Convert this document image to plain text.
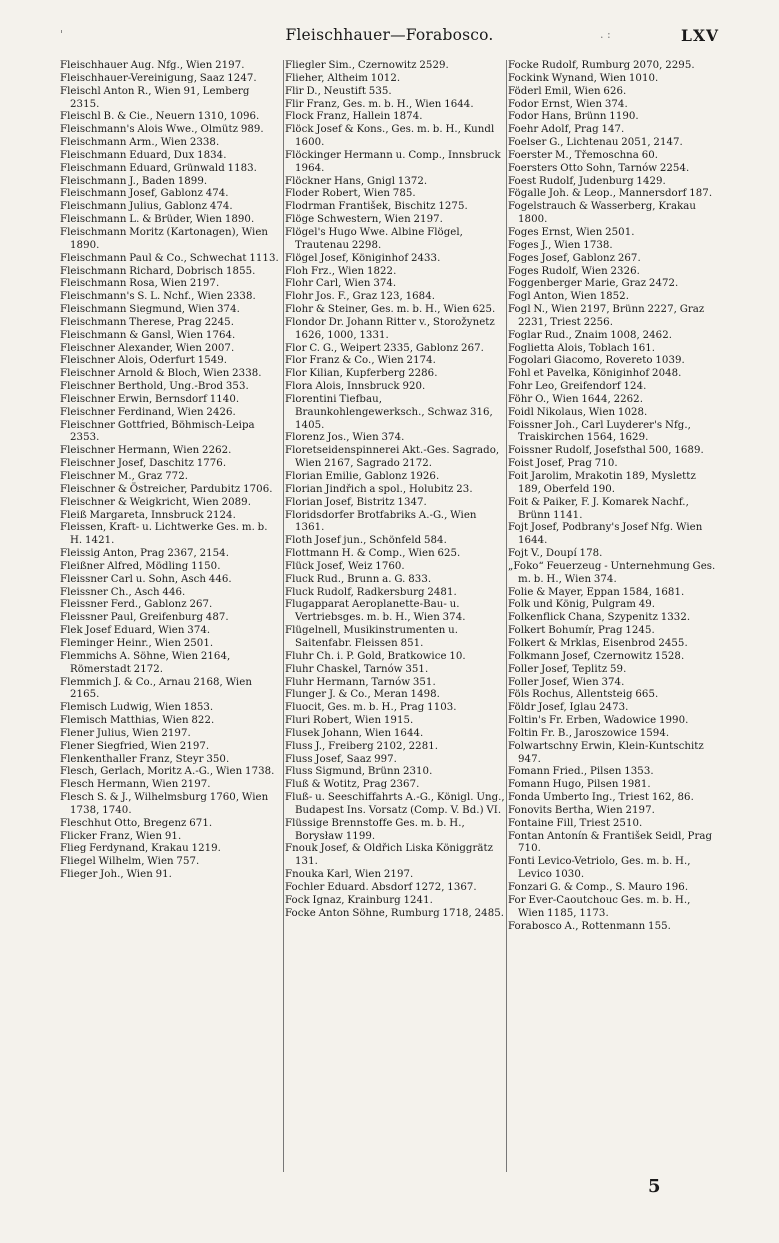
'	Fleischhauer—Forabosco.	. :	LXV
Fleischhauer Aug. Nfg., Wien 2197.
Fleischhauer-Vereinigung, Saaz 1247.
Fleischl Anton R., Wien 91, Lemberg 2315.
Fleischl B. & Cie., Neuern 1310, 1096.
Fleischmann's Alois Wwe., Olmütz 989.
Fleischmann Arm., Wien 2338.
Fleischmann Eduard, Dux 1834.
Fleischmann Eduard, Grünwald 1183.
Fleischmann J., Baden 1899.
Fleischmann Josef, Gablonz 474.
Fleischmann Julius, Gablonz 474.
Fleischmann L. & Brüder, Wien 1890.
Fleischmann Moritz (Kartonagen), Wien 1890.
Fleischmann Paul & Co., Schwechat 1113.
Fleischmann Richard, Dobrisch 1855.
Fleischmann Rosa, Wien 2197.
Fleischmann's S. L. Nchf., Wien 2338.
Fleischmann Siegmund, Wien 374.
Fleischmann Therese, Prag 2245.
Fleischmann & Gansl, Wien 1764.
Fleischner Alexander, Wien 2007.
Fleischner Alois, Oderfurt 1549.
Fleischner Arnold & Bloch, Wien 2338.
Fleischner Berthold, Ung.-Brod 353.
Fleischner Erwin, Bernsdorf 1140.
Fleischner Ferdinand, Wien 2426.
Fleischner Gottfried, Böhmisch-Leipa 2353.
Fleischner Hermann, Wien 2262.
Fleischner Josef, Daschitz 1776.
Fleischner M., Graz 772.
Fleischner & Östreicher, Pardubitz 1706.
Fleischner & Weigkricht, Wien 2089.
Fleiß Margareta, Innsbruck 2124.
Fleissen, Kraft- u. Lichtwerke Ges. m. b. H. 1421.
Fleissig Anton, Prag 2367, 2154.
Fleißner Alfred, Mödling 1150.
Fleissner Carl u. Sohn, Asch 446.
Fleissner Ch., Asch 446.
Fleissner Ferd., Gablonz 267.
Fleissner Paul, Greifenburg 487.
Flek Josef Eduard, Wien 374.
Fleminger Heinr., Wien 2501.
Flemmichs A. Söhne, Wien 2164, Römerstadt 2172.
Flemmich J. & Co., Arnau 2168, Wien 2165.
Flemisch Ludwig, Wien 1853.
Flemisch Matthias, Wien 822.
Flener Julius, Wien 2197.
Flener Siegfried, Wien 2197.
Flenkenthaller Franz, Steyr 350.
Flesch, Gerlach, Moritz A.-G., Wien 1738.
Flesch Hermann, Wien 2197.
Flesch S. & J., Wilhelmsburg 1760, Wien 1738, 1740.
Fleschhut Otto, Bregenz 671.
Flicker Franz, Wien 91.
Flieg Ferdynand, Krakau 1219.
Fliegel Wilhelm, Wien 757.
Flieger Joh., Wien 91.
Fliegler Sim., Czernowitz 2529.
Flieher, Altheim 1012.
Flir D., Neustift 535.
Flir Franz, Ges. m. b. H., Wien 1644.
Flock Franz, Hallein 1874.
Flöck Josef & Kons., Ges. m. b. H., Kundl 1600.
Flöckinger Hermann u. Comp., Innsbruck 1964.
Flöckner Hans, Gnigl 1372.
Floder Robert, Wien 785.
Flodrman František, Bischitz 1275.
Flöge Schwestern, Wien 2197.
Flögel's Hugo Wwe. Albine Flögel, Trautenau 2298.
Flögel Josef, Königinhof 2433.
Floh Frz., Wien 1822.
Flohr Carl, Wien 374.
Flohr Jos. F., Graz 123, 1684.
Flohr & Steiner, Ges. m. b. H., Wien 625.
Flondor Dr. Johann Ritter v., Storožynetz 1626, 1000, 1331.
Flor C. G., Weipert 2335, Gablonz 267.
Flor Franz & Co., Wien 2174.
Flor Kilian, Kupferberg 2286.
Flora Alois, Innsbruck 920.
Florentini Tiefbau, Braunkohlengewerksch., Schwaz 316, 1405.
Florenz Jos., Wien 374.
Floretseidenspinnerei Akt.-Ges. Sagrado, Wien 2167, Sagrado 2172.
Florian Emilie, Gablonz 1926.
Florian Jindřich a spol., Holubitz 23.
Florian Josef, Bistritz 1347.
Floridsdorfer Brotfabriks A.-G., Wien 1361.
Floth Josef jun., Schönfeld 584.
Flottmann H. & Comp., Wien 625.
Flück Josef, Weiz 1760.
Fluck Rud., Brunn a. G. 833.
Fluck Rudolf, Radkersburg 2481.
Flugapparat Aeroplanette-Bau- u. Vertriebsges. m. b. H., Wien 374.
Flügelnell, Musikinstrumenten u. Saitenfabr. Fleissen 851.
Fluhr Ch. i. P. Gold, Bratkowice 10.
Fluhr Chaskel, Tarnów 351.
Fluhr Hermann, Tarnów 351.
Flunger J. & Co., Meran 1498.
Fluocit, Ges. m. b. H., Prag 1103.
Fluri Robert, Wien 1915.
Flusek Johann, Wien 1644.
Fluss J., Freiberg 2102, 2281.
Fluss Josef, Saaz 997.
Fluss Sigmund, Brünn 2310.
Fluß & Wotitz, Prag 2367.
Fluß- u. Seeschiffahrts A.-G., Königl. Ung., Budapest Ins. Vorsatz (Comp. V. Bd.) VI.
Flüssige Brennstoffe Ges. m. b. H., Borysław 1199.
Fnouk Josef, & Oldřich Liska Königgrätz 131.
Fnouka Karl, Wien 2197.
Fochler Eduard. Absdorf 1272, 1367.
Fock Ignaz, Krainburg 1241.
Focke Anton Söhne, Rumburg 1718, 2485.
Focke Rudolf, Rumburg 2070, 2295.
Fockink Wynand, Wien 1010.
Föderl Emil, Wien 626.
Fodor Ernst, Wien 374.
Fodor Hans, Brünn 1190.
Foehr Adolf, Prag 147.
Foelser G., Lichtenau 2051, 2147.
Foerster M., Třemoschna 60.
Foersters Otto Sohn, Tarnów 2254.
Foest Rudolf, Judenburg 1429.
Fögalle Joh. & Leop., Mannersdorf 187.
Fogelstrauch & Wasserberg, Krakau 1800.
Foges Ernst, Wien 2501.
Foges J., Wien 1738.
Foges Josef, Gablonz 267.
Foges Rudolf, Wien 2326.
Foggenberger Marie, Graz 2472.
Fogl Anton, Wien 1852.
Fogl N., Wien 2197, Brünn 2227, Graz 2231, Triest 2256.
Foglar Rud., Znaim 1008, 2462.
Foglietta Alois, Toblach 161.
Fogolari Giacomo, Rovereto 1039.
Fohl et Pavelka, Königinhof 2048.
Fohr Leo, Greifendorf 124.
Föhr O., Wien 1644, 2262.
Foidl Nikolaus, Wien 1028.
Foissner Joh., Carl Luyderer's Nfg., Traiskirchen 1564, 1629.
Foissner Rudolf, Josefsthal 500, 1689.
Foist Josef, Prag 710.
Foit Jarolim, Mrakotin 189, Myslettz 189, Oberfeld 190.
Foit & Paiker, F. J. Komarek Nachf., Brünn 1141.
Fojt Josef, Podbrany's Josef Nfg. Wien 1644.
Fojt V., Doupí 178.
„Foko“ Feuerzeug - Unternehmung Ges. m. b. H., Wien 374.
Folie & Mayer, Eppan 1584, 1681.
Folk und König, Pulgram 49.
Folkenflick Chana, Szypenitz 1332.
Folkert Bohumír, Prag 1245.
Folkert & Mrklas, Eisenbrod 2455.
Folkmann Josef, Czernowitz 1528.
Foller Josef, Teplitz 59.
Foller Josef, Wien 374.
Föls Rochus, Allentsteig 665.
Földr Josef, Iglau 2473.
Foltin's Fr. Erben, Wadowice 1990.
Foltin Fr. B., Jaroszowice 1594.
Folwartschny Erwin, Klein-Kuntschitz 947.
Fomann Fried., Pilsen 1353.
Fomann Hugo, Pilsen 1981.
Fonda Umberto Ing., Triest 162, 86.
Fonovits Bertha, Wien 2197.
Fontaine Fill, Triest 2510.
Fontan Antonín & František Seidl, Prag 710.
Fonti Levico-Vetriolo, Ges. m. b. H., Levico 1030.
Fonzari G. & Comp., S. Mauro 196.
For Ever-Caoutchouc Ges. m. b. H., Wien 1185, 1173.
Forabosco A., Rottenmann 155.
5
